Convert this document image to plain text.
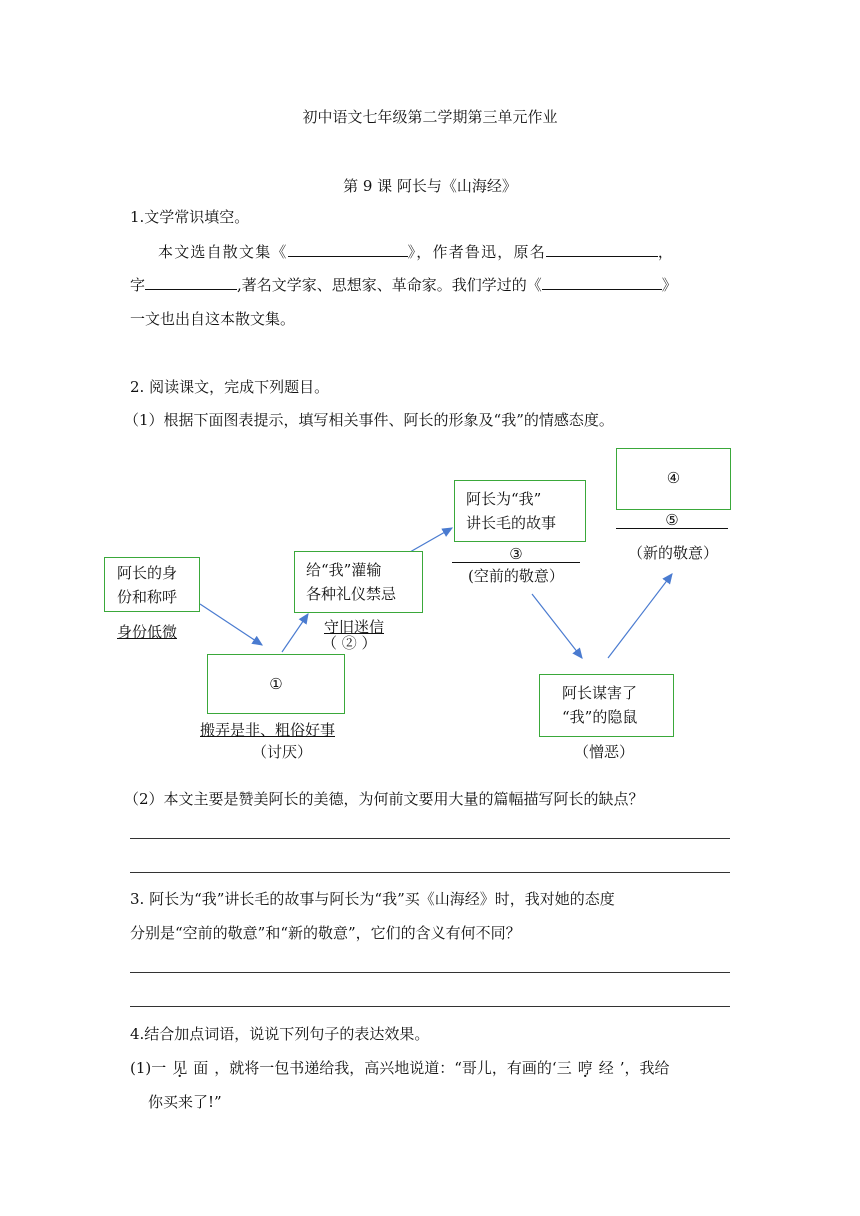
初中语文七年级第二学期第三单元作业
第 9 课 阿长与《山海经》
1.文学常识填空。
本文选自散文集《	》，作者鲁迅，原名	，
字	,著名文学家、思想家、革命家。我们学过的《	》
一文也出自这本散文集。
2. 阅读课文，完成下列题目。
（1）根据下面图表提示，填写相关事件、阿长的形象及“我”的情感态度。
阿长的身
份和称呼
身份低微
①
搬弄是非、粗俗好事
（讨厌）
给“我”灌输
各种礼仪禁忌
守旧迷信
（ ② ）
阿长为“我”
讲长毛的故事
③
(空前的敬意）
④
⑤
（新的敬意）
阿长谋害了
“我”的隐鼠
（憎恶）
（2）本文主要是赞美阿长的美德，为何前文要用大量的篇幅描写阿长的缺点？
3. 阿长为“我”讲长毛的故事与阿长为“我”买《山海经》时，我对她的态度
分别是“空前的敬意”和“新的敬意”，它们的含义有何不同？
4.结合加点词语，说说下列句子的表达效果。
(1)一见面，就将一包书递给我，高兴地说道：“哥儿，有画的‘三哼经’，我给
你买来了!”
